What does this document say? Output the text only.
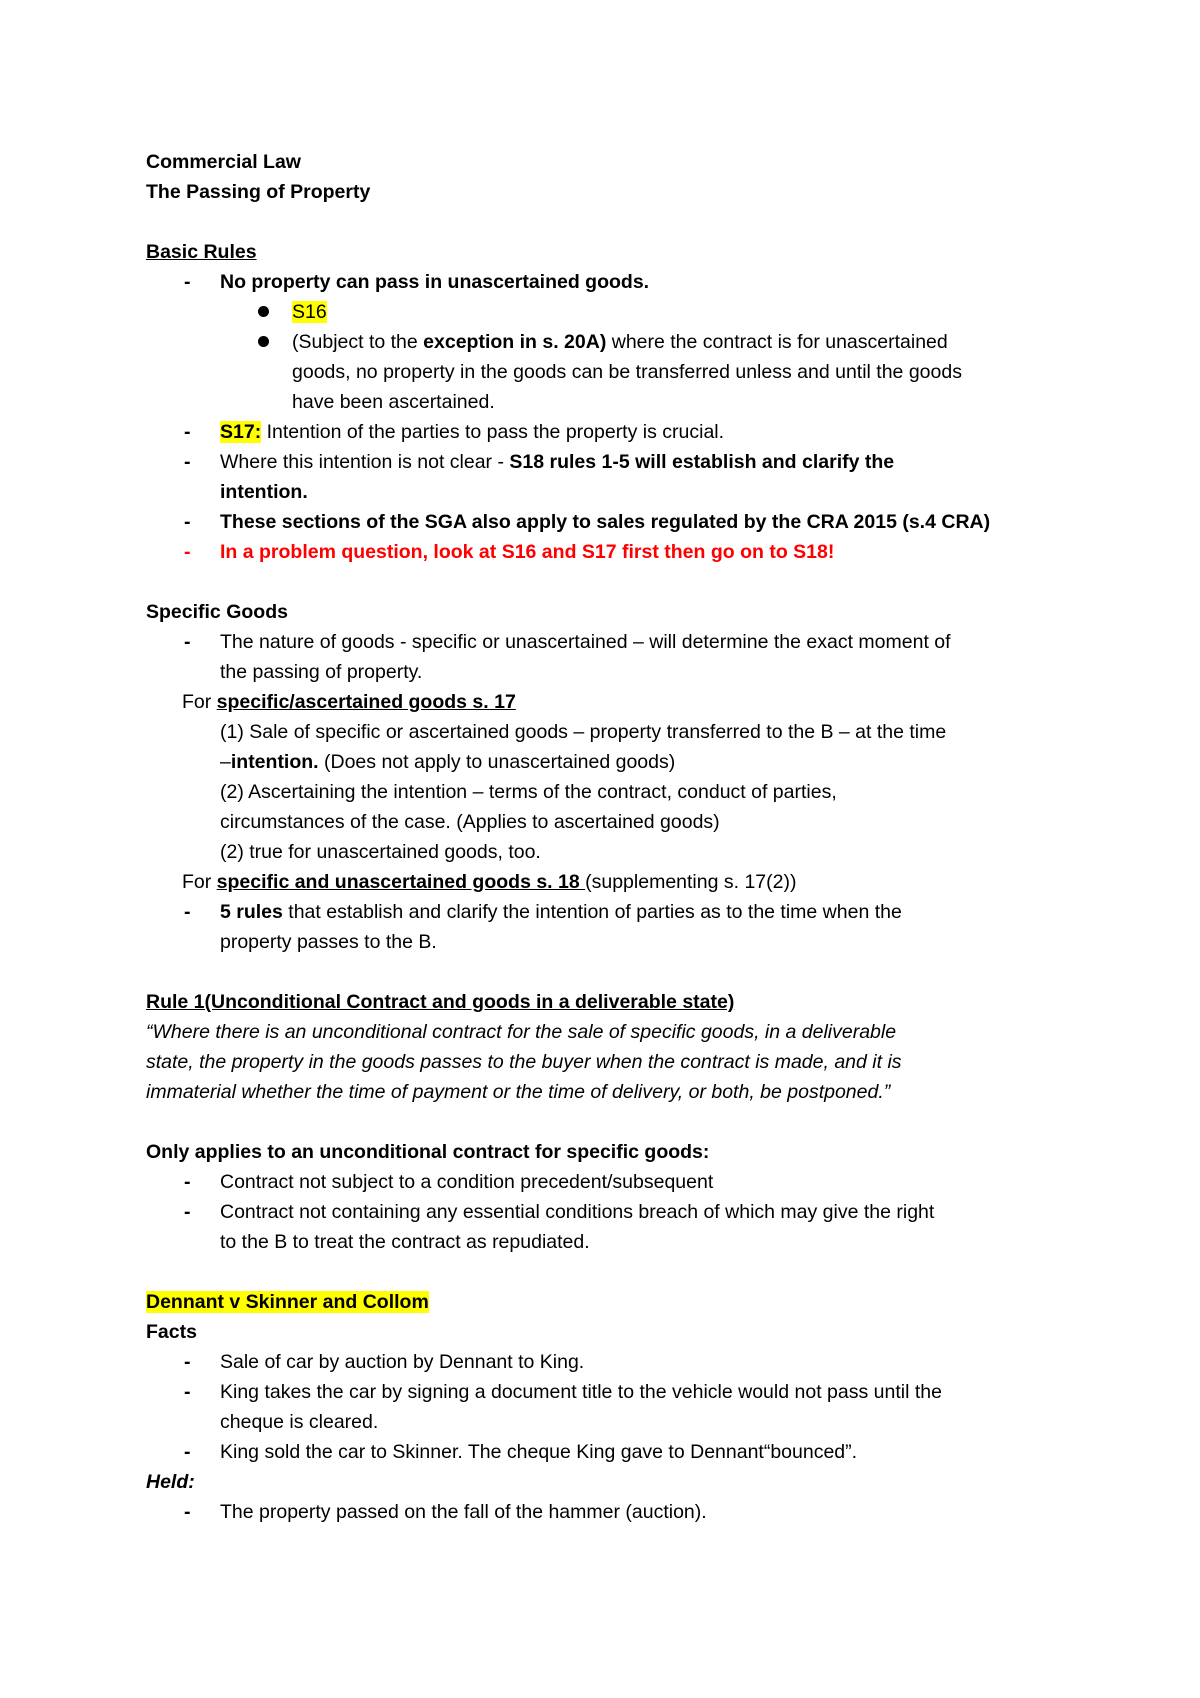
Commercial Law
The Passing of Property
Basic Rules
- No property can pass in unascertained goods.
S16
(Subject to the exception in s. 20A) where the contract is for unascertained
goods, no property in the goods can be transferred unless and until the goods
have been ascertained.
- S17: Intention of the parties to pass the property is crucial.
- Where this intention is not clear - S18 rules 1-5 will establish and clarify the
intention.
- These sections of the SGA also apply to sales regulated by the CRA 2015 (s.4 CRA)
- In a problem question, look at S16 and S17 first then go on to S18!
Specific Goods
- The nature of goods - specific or unascertained – will determine the exact moment of
the passing of property.
For specific/ascertained goods s. 17
(1) Sale of specific or ascertained goods – property transferred to the B – at the time
–intention. (Does not apply to unascertained goods)
(2) Ascertaining the intention – terms of the contract, conduct of parties,
circumstances of the case. (Applies to ascertained goods)
(2) true for unascertained goods, too.
For specific and unascertained goods s. 18 (supplementing s. 17(2))
- 5 rules that establish and clarify the intention of parties as to the time when the
property passes to the B.
Rule 1(Unconditional Contract and goods in a deliverable state)
“Where there is an unconditional contract for the sale of specific goods, in a deliverable
state, the property in the goods passes to the buyer when the contract is made, and it is
immaterial whether the time of payment or the time of delivery, or both, be postponed.”
Only applies to an unconditional contract for specific goods:
- Contract not subject to a condition precedent/subsequent
- Contract not containing any essential conditions breach of which may give the right
to the B to treat the contract as repudiated.
Dennant v Skinner and Collom
Facts
- Sale of car by auction by Dennant to King.
- King takes the car by signing a document title to the vehicle would not pass until the
cheque is cleared.
- King sold the car to Skinner. The cheque King gave to Dennant“bounced”.
Held:
- The property passed on the fall of the hammer (auction).
